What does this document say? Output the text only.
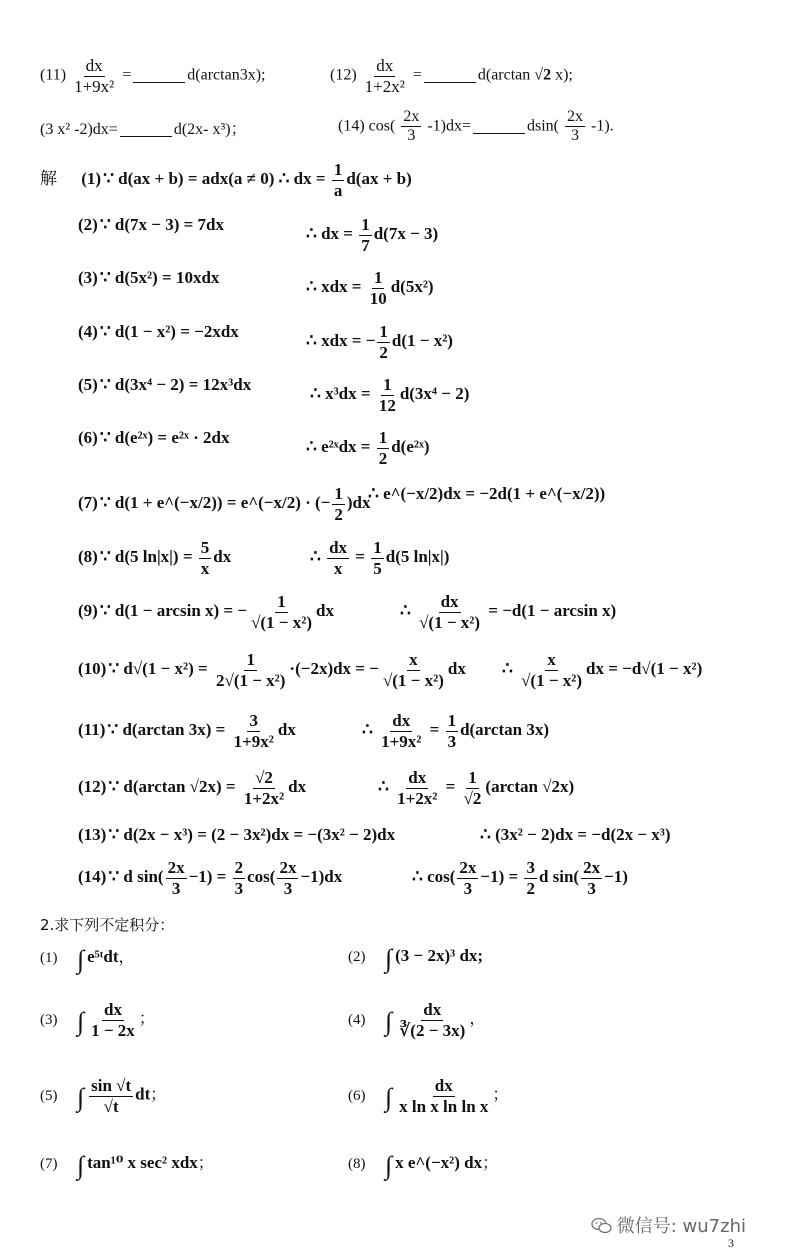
$(11) \frac{dx}{\text{1+9x²}}$ =	d(arctan3x);	$(12) \frac{dx}{\text{1+2x²}}$ =	d(arctan √2 x);
(3 x² -2)dx=	d(2x- x³)；	(14) $\cos( \frac{2x}{3} -1)dx=$	$dsin( \frac{2x}{3} -1)$.
解 (1) ∵ d(ax + b) = adx(a ≠ 0) ∴ dx = $\frac{1}{a} d(ax + b)$
(2) ∵ d(7x − 3) = 7dx	∴ dx = $\frac{1}{7} d(7x - 3)$
(3) ∵ d(5x²) = 10xdx	∴ xdx = $\frac{1}{10} d(5x^2)$
(4) ∵ d(1 − x²) = −2xdx	∴ xdx = − $\frac{1}{2} d(1 - x^2)$
(5) ∵ d(3x⁴ − 2) = 12x³dx	∴ $x^3dx = \frac{1}{12} d(3x^4 - 2)$
(6) ∵ d(e²ˣ) = e²ˣ · 2dx	∴ e²ˣdx = $\frac{1}{2}$ d(e²ˣ)
(7) ∵ d(1 + e^(−x/2)) = e^(−x/2) · (− $\frac{1}{2} )dx$
∴ e^(−x/2)dx = −2d(1 + e^(−x/2))
(8) ∵ d(5 $\ln|x|) = \frac{5}{x}$ dx	∴ $\frac{dx}{x} = \frac{1}{5} d(5$ ln|x|)
(9) ∵ d(1 − arcsin x) = − $\frac{1}{\text{√(1 − x²)}}$ dx	∴ $\frac{dx}{\text{√(1 − x²)}} = -d(1 - \arcsin x)$
(10) ∵ $d√(1 - x^2) = \frac{1}{\text{2√(1 − x²)}} \cdot(-2x)dx$ = − $\frac{x}{\text{√(1 − x²)}}$ dx ∴ $\frac{x}{\text{√(1 − x²)}}$ dx = −d√(1 − x²)
(11) ∵ d(arctan $3x) = \frac{3}{\text{1+9x²}}$ dx	∴ $\frac{dx}{\text{1+9x²}} = \frac{1}{3} d(\arctan$ 3x)
(12) ∵ d(arctan $√2x) = \frac{√2}{\text{1+2x²}}$ dx	∴ $\frac{dx}{\text{1+2x²}} = \frac{1}{√2} (\arctan$ √2x)
(13) ∵ d(2x − x³) = (2 − 3x²)dx = −(3x² − 2)dx	∴ (3x² − 2)dx = −d(2x − x³)
(14) ∵ d $\sin( \frac{2x}{3} -1) = \frac{2}{3} \cos( \frac{2x}{3} -1)dx$	∴ $\cos( \frac{2x}{3} -1) = \frac{3}{2}$ d $\sin( \frac{2x}{3} -1)$
2.求下列不定积分：
(1) ∫ e⁵ᵗdt，	(2) ∫ (3 − 2x)³ dx;
(3) ∫ $\frac{dx}{1 - 2x}$ ；	(4) ∫ $\frac{dx}{∛(2 - 3x)}$ ，
(5) ∫ $\frac{\sin √t}{√t}$ dt；	(6) ∫ $\frac{dx}{\text{x ln x ln ln x}}$ ；
(7) ∫ tan¹⁰ x sec² xdx；	(8) ∫ x e^(−x²) dx；
微信号: wu7zhi
3
